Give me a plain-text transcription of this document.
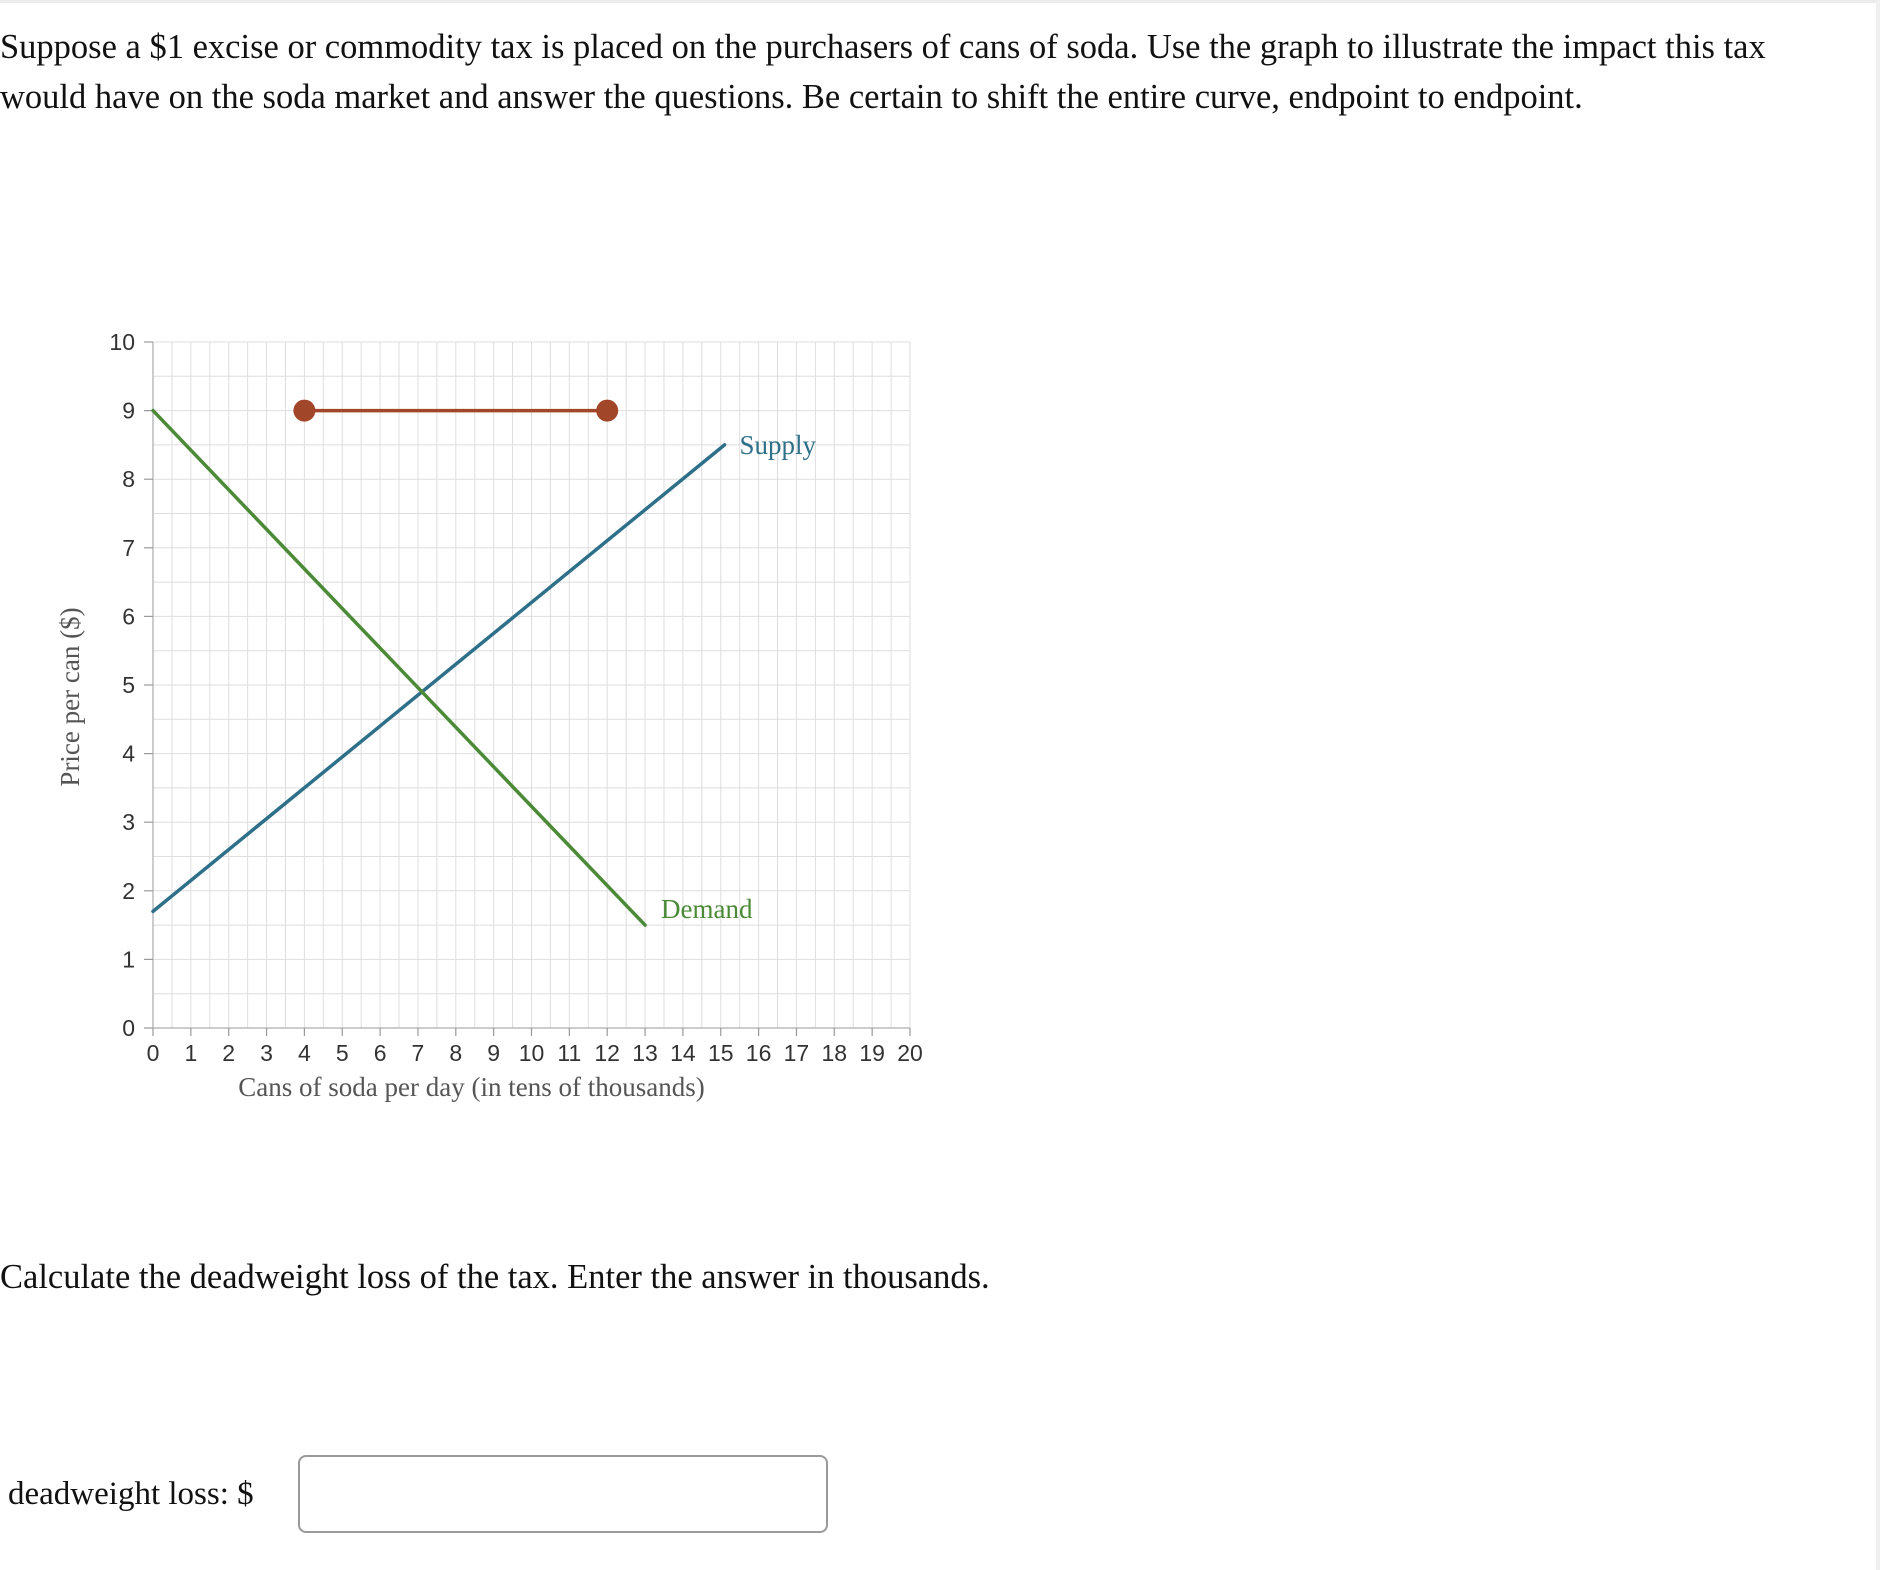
Suppose a $1 excise or commodity tax is placed on the purchasers of cans of soda. Use the graph to illustrate the impact this tax would have on the soda market and answer the questions. Be certain to shift the entire curve, endpoint to endpoint.

0
1
2
3
4
5
6
7
8
9
10
0 1 2 3 4 5 6 7 8 9 10 11 12 13 14 15 16 17 18 19 20
Supply
Demand
Cans of soda per day (in tens of thousands)
Price per can ($)

Calculate the deadweight loss of the tax. Enter the answer in thousands.

deadweight loss: $
